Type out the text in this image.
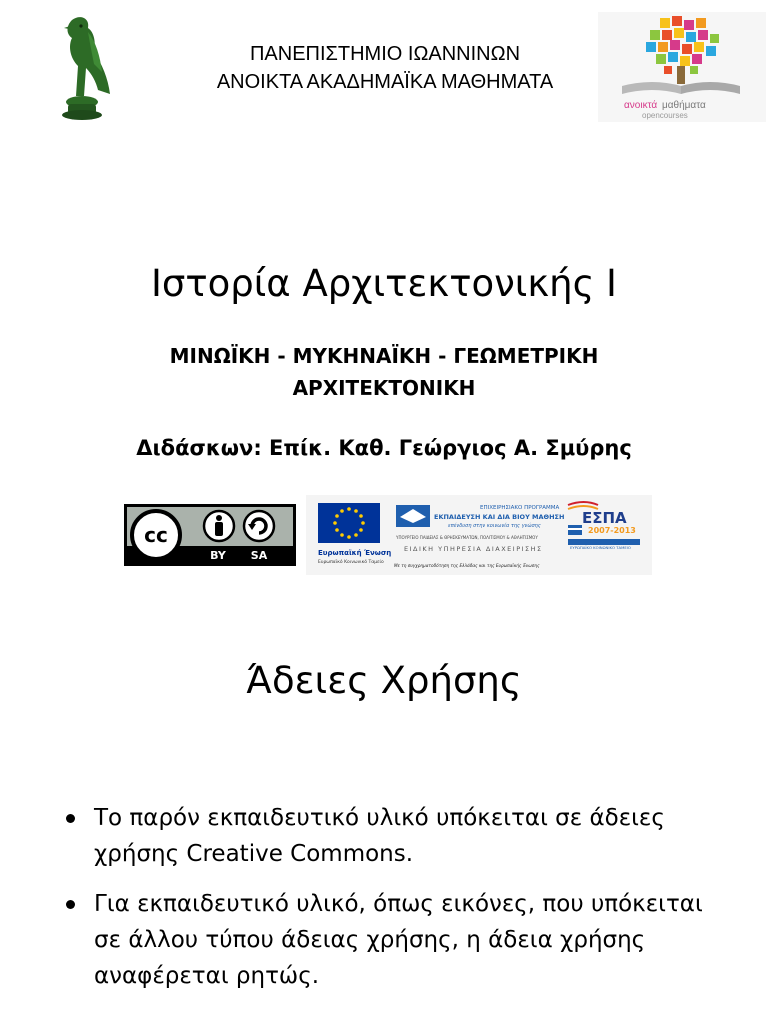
ΠΑΝΕΠΙΣΤΗΜΙΟ ΙΩΑΝΝΙΝΩΝ
ΑΝΟΙΚΤΑ ΑΚΑΔΗΜΑΪΚΑ ΜΑΘΗΜΑΤΑ
ανοικτά μαθήματα
opencourses
Ιστορία Αρχιτεκτονικής Ι
ΜΙΝΩΪΚΗ - ΜΥΚΗΝΑΪΚΗ - ΓΕΩΜΕΤΡΙΚΗ
ΑΡΧΙΤΕΚΤΟΝΙΚΗ
Διδάσκων: Επίκ. Καθ. Γεώργιος Α. Σμύρης
cc
BY SA	Ευρωπαϊκή Ένωση
Ευρωπαϊκό Κοινωνικό Ταμείο
ΕΠΙΧΕΙΡΗΣΙΑΚΟ ΠΡΟΓΡΑΜΜΑ
ΕΚΠΑΙΔΕΥΣΗ ΚΑΙ ΔΙΑ ΒΙΟΥ ΜΑΘΗΣΗ
επένδυση στην κοινωνία της γνώσης
ΥΠΟΥΡΓΕΙΟ ΠΑΙΔΕΙΑΣ & ΘΡΗΣΚΕΥΜΑΤΩΝ, ΠΟΛΙΤΙΣΜΟΥ & ΑΘΛΗΤΙΣΜΟΥ
ΕΙΔΙΚΗ ΥΠΗΡΕΣΙΑ ΔΙΑΧΕΙΡΙΣΗΣ
ΕΣΠΑ
2007-2013
ΕΥΡΩΠΑΪΚΟ ΚΟΙΝΩΝΙΚΟ ΤΑΜΕΙΟ
Με τη συγχρηματοδότηση της Ελλάδας και της Ευρωπαϊκής Ένωσης
Άδειες Χρήσης
Το παρόν εκπαιδευτικό υλικό υπόκειται σε άδειες χρήσης Creative Commons.
Για εκπαιδευτικό υλικό, όπως εικόνες, που υπόκειται σε άλλου τύπου άδειας χρήσης, η άδεια χρήσης αναφέρεται ρητώς.
